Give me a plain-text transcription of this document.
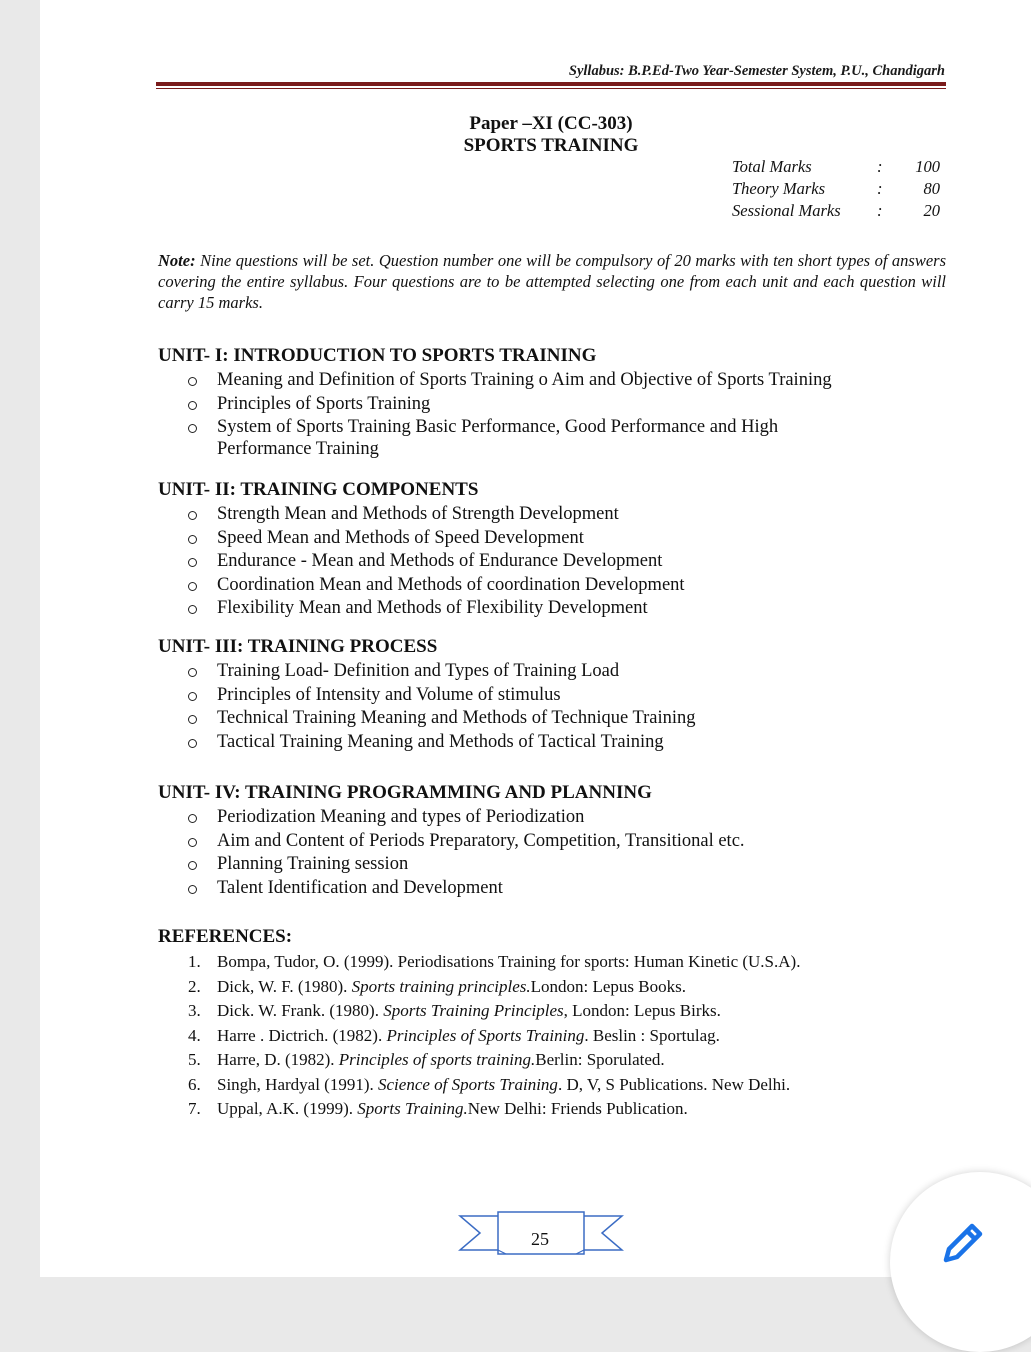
Syllabus: B.P.Ed-Two Year-Semester System, P.U., Chandigarh
Paper –XI (CC-303)
SPORTS TRAINING
Total Marks	: 100
Theory Marks	: 80
Sessional Marks : 20
Note: Nine questions will be set. Question number one will be compulsory of 20 marks with ten short types of answers covering the entire syllabus. Four questions are to be attempted selecting one from each unit and each question will carry 15 marks.
UNIT- I: INTRODUCTION TO SPORTS TRAINING
Meaning and Definition of Sports Training o Aim and Objective of Sports Training
Principles of Sports Training
System of Sports Training Basic Performance, Good Performance and High Performance Training
UNIT- II: TRAINING COMPONENTS
Strength Mean and Methods of Strength Development
Speed Mean and Methods of Speed Development
Endurance - Mean and Methods of Endurance Development
Coordination Mean and Methods of coordination Development
Flexibility Mean and Methods of Flexibility Development
UNIT- III: TRAINING PROCESS
Training Load- Definition and Types of Training Load
Principles of Intensity and Volume of stimulus
Technical Training Meaning and Methods of Technique Training
Tactical Training Meaning and Methods of Tactical Training
UNIT- IV: TRAINING PROGRAMMING AND PLANNING
Periodization Meaning and types of Periodization
Aim and Content of Periods Preparatory, Competition, Transitional etc.
Planning Training session
Talent Identification and Development
REFERENCES:
1. Bompa, Tudor, O. (1999). Periodisations Training for sports: Human Kinetic (U.S.A).
2. Dick, W. F. (1980). Sports training principles.London: Lepus Books.
3. Dick. W. Frank. (1980). Sports Training Principles, London: Lepus Birks.
4. Harre . Dictrich. (1982). Principles of Sports Training. Beslin : Sportulag.
5. Harre, D. (1982). Principles of sports training.Berlin: Sporulated.
6. Singh, Hardyal (1991). Science of Sports Training. D, V, S Publications. New Delhi.
7. Uppal, A.K. (1999). Sports Training.New Delhi: Friends Publication.
25
